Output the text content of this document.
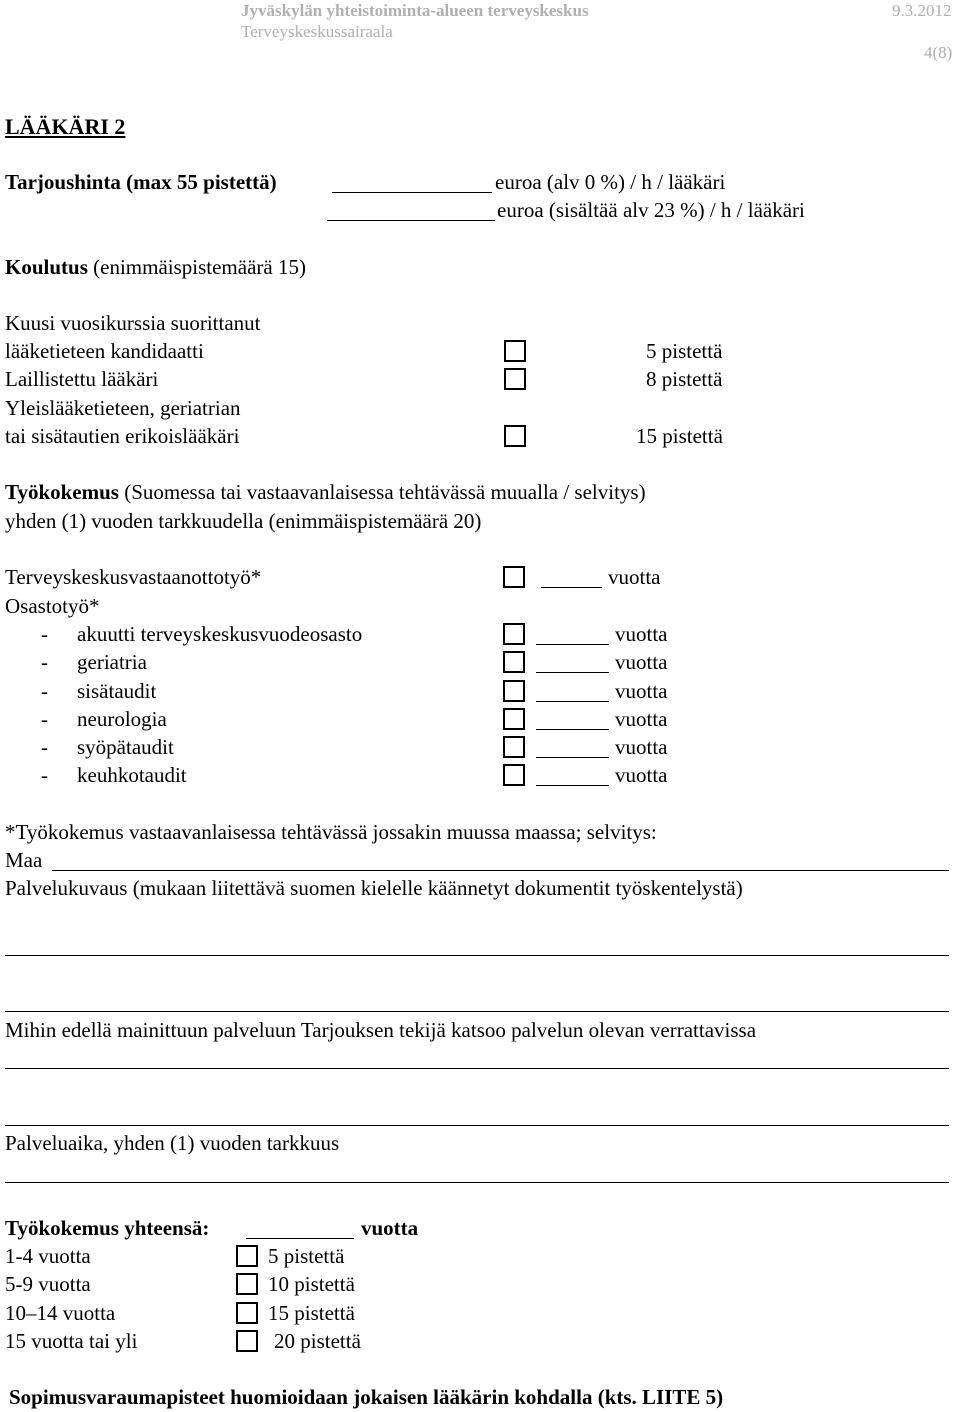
Jyväskylän yhteistoiminta-alueen terveyskeskus	9.3.2012
Terveyskeskussairaala
4(8)
LÄÄKÄRI 2
Tarjoushinta (max 55 pistettä)	euroa (alv 0 %) / h / lääkäri
euroa (sisältää alv 23 %) / h / lääkäri
Koulutus (enimmäispistemäärä 15)
Kuusi vuosikurssia suorittanut
lääketieteen kandidaatti	5 pistettä
Laillistettu lääkäri	8 pistettä
Yleislääketieteen, geriatrian
tai sisätautien erikoislääkäri	15 pistettä
Työkokemus (Suomessa tai vastaavanlaisessa tehtävässä muualla / selvitys)
yhden (1) vuoden tarkkuudella (enimmäispistemäärä 20)
Terveyskeskusvastaanottotyö*	vuotta
Osastotyö*
- akuutti terveyskeskusvuodeosasto	vuotta
- geriatria	vuotta
- sisätaudit	vuotta
- neurologia	vuotta
- syöpätaudit	vuotta
- keuhkotaudit	vuotta
*Työkokemus vastaavanlaisessa tehtävässä jossakin muussa maassa; selvitys:
Maa
Palvelukuvaus (mukaan liitettävä suomen kielelle käännetyt dokumentit työskentelystä)
Mihin edellä mainittuun palveluun Tarjouksen tekijä katsoo palvelun olevan verrattavissa
Palveluaika, yhden (1) vuoden tarkkuus
Työkokemus yhteensä:	vuotta
1-4 vuotta	5 pistettä
5-9 vuotta	10 pistettä
10–14 vuotta	15 pistettä
15 vuotta tai yli	20 pistettä
Sopimusvaraumapisteet huomioidaan jokaisen lääkärin kohdalla (kts. LIITE 5)
